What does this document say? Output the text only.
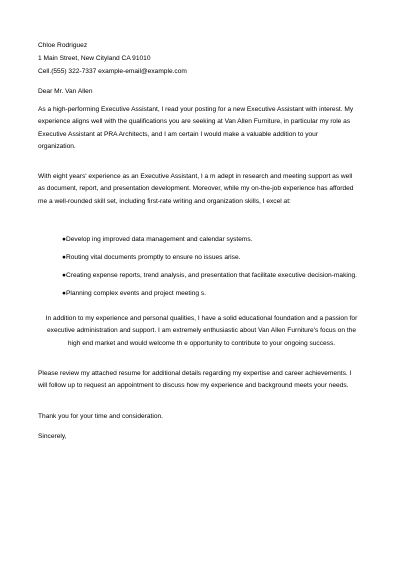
Chloe Rodriguez

1 Main Street, New Cityland CA 91010

Cell.(555) 322-7337 example-email@example.com

Dear Mr. Van Allen

As a high-performing Executive Assistant, I read your posting for a new Executive Assistant with interest. My
experience aligns well with the qualifications you are seeking at Van Allen Furniture, in particular my role as
Executive Assistant at PRA Architects, and I am certain I would make a valuable addition to your
organization.
With eight years' experience as an Executive Assistant, I a m adept in research and meeting support as well
as document, report, and presentation development. Moreover, while my on-the-job experience has afforded
me a well-rounded skill set, including first-rate writing and organization skills, I excel at:

●Develop ing improved data management and calendar systems.

●Routing vital documents promptly to ensure no issues arise.

●Creating expense reports, trend analysis, and presentation that facilitate executive decision-making.

●Planning complex events and project meeting s.

In addition to my experience and personal qualities, I have a solid educational foundation and a passion for
executive administration and support. I am extremely enthusiastic about Van Allen Furniture's focus on the
high end market and would welcome th e opportunity to contribute to your ongoing success.
Please review my attached resume for additional details regarding my expertise and career achievements. I
will follow up to request an appointment to discuss how my experience and background meets your needs.

Thank you for your time and consideration.

Sincerely,
